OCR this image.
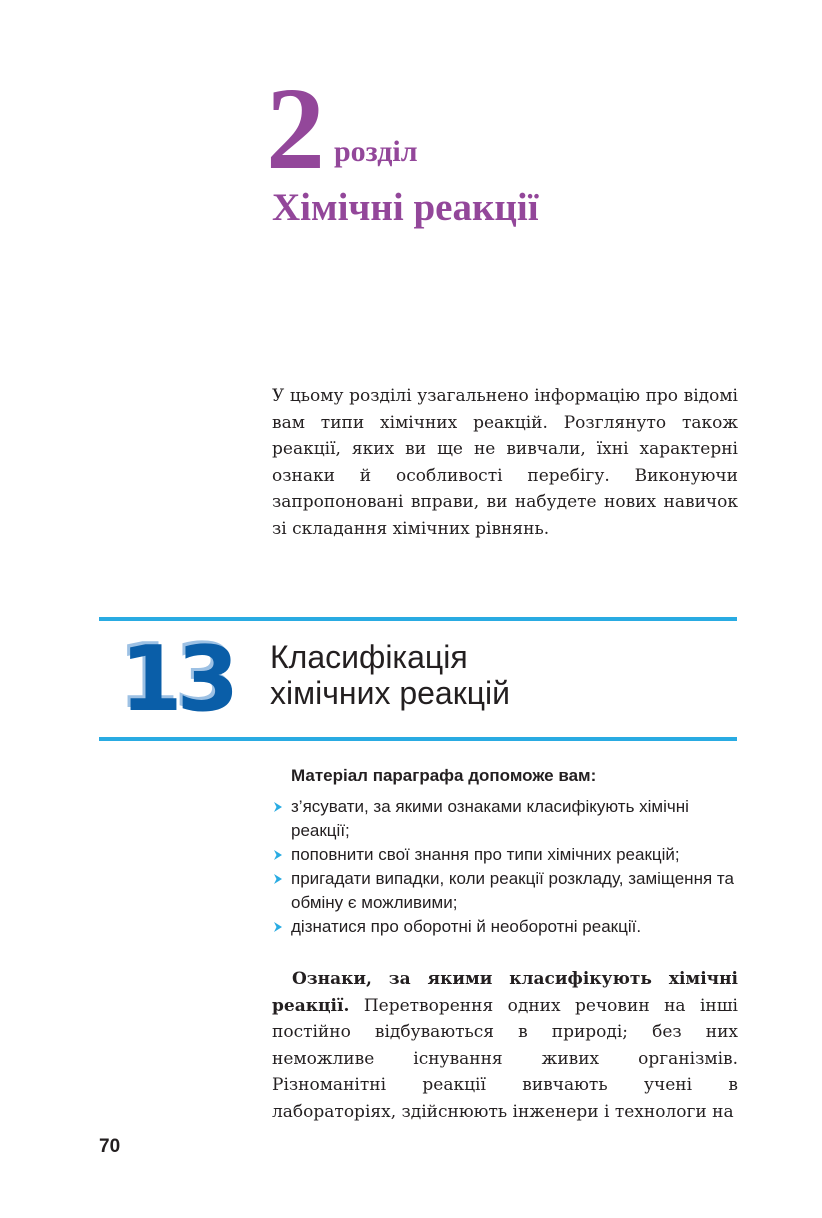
2 розділ
Хімічні реакції

У цьому розділі узагальнено інформацію про відомі вам типи хімічних реакцій. Розглянуто також реакції, яких ви ще не вивчали, їхні характерні ознаки й особливості перебігу. Виконуючи запропоновані вправи, ви набудете нових навичок зі складання хімічних рівнянь.

13 Класифікація
хімічних реакцій
Матеріал параграфа допоможе вам:
з’ясувати, за якими ознаками класифікують хімічні реакції;
поповнити свої знання про типи хімічних реакцій;
пригадати випадки, коли реакції розкладу, заміщення та обміну є можливими;
дізнатися про оборотні й необоротні реакції.

Ознаки, за якими класифікують хімічні реакції. Перетворення одних речовин на інші постійно відбуваються в природі; без них неможливе існування живих організмів. Різноманітні реакції вивчають учені в лабораторіях, здійснюють інженери і технологи на

70
